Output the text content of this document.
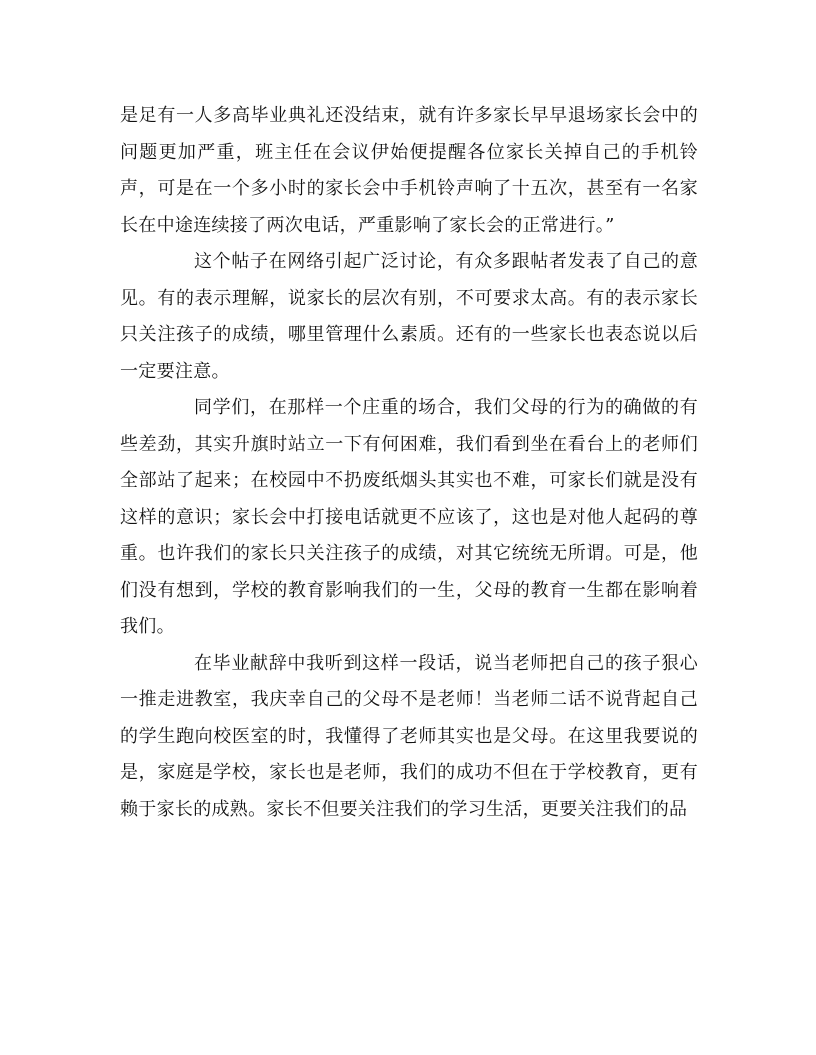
是足有一人多高毕业典礼还没结束，就有许多家长早早退场家长会中的问题更加严重，班主任在会议伊始便提醒各位家长关掉自己的手机铃声，可是在一个多小时的家长会中手机铃声响了十五次，甚至有一名家长在中途连续接了两次电话，严重影响了家长会的正常进行。”

这个帖子在网络引起广泛讨论，有众多跟帖者发表了自己的意见。有的表示理解，说家长的层次有别，不可要求太高。有的表示家长只关注孩子的成绩，哪里管理什么素质。还有的一些家长也表态说以后一定要注意。

同学们，在那样一个庄重的场合，我们父母的行为的确做的有些差劲，其实升旗时站立一下有何困难，我们看到坐在看台上的老师们全部站了起来；在校园中不扔废纸烟头其实也不难，可家长们就是没有这样的意识；家长会中打接电话就更不应该了，这也是对他人起码的尊重。也许我们的家长只关注孩子的成绩，对其它统统无所谓。可是，他们没有想到，学校的教育影响我们的一生，父母的教育一生都在影响着我们。

在毕业献辞中我听到这样一段话，说当老师把自己的孩子狠心一推走进教室，我庆幸自己的父母不是老师！当老师二话不说背起自己的学生跑向校医室的时，我懂得了老师其实也是父母。在这里我要说的是，家庭是学校，家长也是老师，我们的成功不但在于学校教育，更有赖于家长的成熟。家长不但要关注我们的学习生活，更要关注我们的品
